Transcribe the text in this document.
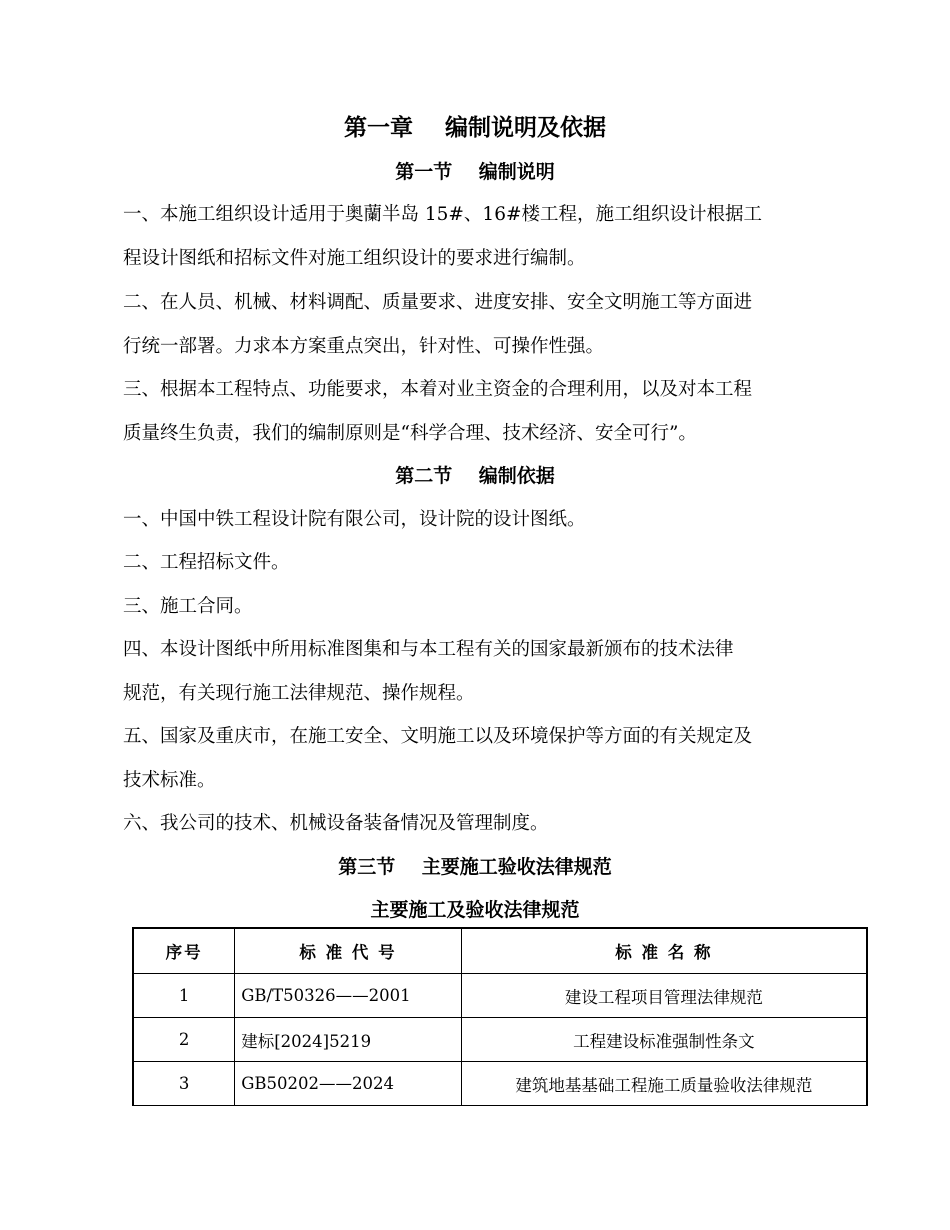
第一章    编制说明及依据
第一节    编制说明

一、本施工组织设计适用于奥蘭半岛 15#、16#楼工程，施工组织设计根据工
程设计图纸和招标文件对施工组织设计的要求进行编制。

二、在人员、机械、材料调配、质量要求、进度安排、安全文明施工等方面进
行统一部署。力求本方案重点突出，针对性、可操作性强。

三、根据本工程特点、功能要求，本着对业主资金的合理利用，以及对本工程
质量终生负责，我们的编制原则是“科学合理、技术经济、安全可行”。

第二节    编制依据

一、中国中铁工程设计院有限公司，设计院的设计图纸。

二、工程招标文件。

三、施工合同。

四、本设计图纸中所用标准图集和与本工程有关的国家最新颁布的技术法律
规范，有关现行施工法律规范、操作规程。

五、国家及重庆市，在施工安全、文明施工以及环境保护等方面的有关规定及
技术标准。

六、我公司的技术、机械设备装备情况及管理制度。

第三节    主要施工验收法律规范
主要施工及验收法律规范
序号	标 准 代 号	标 准 名 称
1	GB/T50326——2001	建设工程项目管理法律规范
2	建标[2024]5219	工程建设标准强制性条文
3	GB50202——2024	建筑地基基础工程施工质量验收法律规范
